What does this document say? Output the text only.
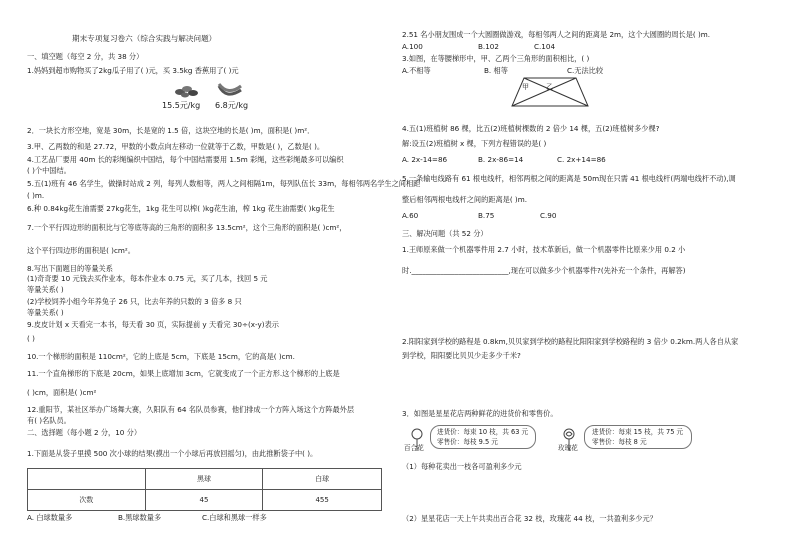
期末专项复习卷六（综合实践与解决问题）
一、填空题（每空 2 分，共 38 分）
1.妈妈到超市购物买了2kg瓜子用了( )元，买 3.5kg 香蕉用了( )元
15.5元/kg 6.8元/kg
2．一块长方形空地，宽是 30m，长是宽的 1.5 倍，这块空地的长是( )m，面积是( )m²．
3.甲、乙两数的和是 27.72，甲数的小数点向左移动一位就等于乙数，甲数是( )，乙数是( )。
4.工艺品厂要用 40m 长的彩绳编织中国结，每个中国结需要用 1.5m 彩绳，这些彩绳最多可以编织
( )个中国结。
5.五(1)班有 46 名学生，做操时站成 2 列，每列人数相等，两人之间相隔1m，每列队伍长 33m，每相邻两名学生之间相距
( )m.
6.种 0.84kg花生油需要 27kg花生，1kg 花生可以榨( )kg花生油，榨 1kg 花生油需要( )kg花生
7.一个平行四边形的面积比与它等底等高的三角形的面积多 13.5cm²，这个三角形的面积是( )cm²，
这个平行四边形的面积是( )cm²。
8.写出下面题目的等量关系
(1)奇奇要 10 元钱去买作业本，每本作业本 0.75 元，买了几本，找回 5 元
等量关系( )
(2)学校饲养小组今年养兔子 26 只，比去年养的只数的 3 倍多 8 只
等量关系( )
9.皮皮计划 x 天看完一本书，每天看 30 页，实际提前 y 天看完 30÷(x-y)表示
( )
10.一个梯形的面积是 110cm²，它的上底是 5cm，下底是 15cm，它的高是( )cm.
11.一个直角梯形的下底是 20cm，如果上底增加 3cm，它就变成了一个正方形.这个梯形的上底是
( )cm，面积是( )cm²
12.重阳节，某社区举办广场舞大赛，久阳队有 64 名队员参赛，他们排成一个方阵入场这个方阵最外层
有( )名队员。
二、选择题（每小题 2 分，10 分）
1.下面是从袋子里摸 500 次小球的结果(摸出一个小球后再放回摇匀)，由此推断袋子中( )。
	黑球	白球
次数	45	455
A. 白球数量多	B.黑球数量多	C.白球和黑球一样多
2.51 名小朋友围成一个大圆圈做游戏，每相邻两人之间的距离是 2m，这个大圆圈的周长是( )m.
A.100	B.102	C.104
3.如图，在等腰梯形中，甲、乙两个三角形的面积相比，( )
A.不相等	B. 相等	C.无法比较
甲 乙
4.五(1)班植树 86 棵，比五(2)班植树棵数的 2 倍少 14 棵，五(2)班植树多少棵?
解:设五(2)班植树 x 棵，下列方程错误的是( )
A. 2x-14=86	B. 2x-86=14	C. 2x+14=86
5.一条输电线路有 61 根电线杆，相邻两根之间的距离是 50m现在只需 41 根电线杆(两端电线杆不动),调
整后相邻两根电线杆之间的距离是( )m.
A.60	B.75	C.90
三、解决问题（共 52 分）
1.王师原来做一个机器零件用 2.7 小时，技术革新后，做一个机器零件比原来少用 0.2 小
时.___________________________,现在可以做多少个机器零件?(先补充一个条件，再解答)
2.阳阳家到学校的路程是 0.8km,贝贝家到学校的路程比阳阳家到学校路程的 3 倍少 0.2km.两人各自从家
到学校，阳阳要比贝贝少走多少千米?
3．如图是星星花店两种鲜花的进货价和零售价。
百合花
进货价：每束 10 枝，共 63 元
零售价：每枝 9.5 元
玫瑰花
进货价：每束 15 枝，共 75 元
零售价：每枝 8 元
（1）每种花卖出一枝各可盈利多少元
（2）星星花店一天上午共卖出百合花 32 枝，玫瑰花 44 枝，一共盈利多少元？
